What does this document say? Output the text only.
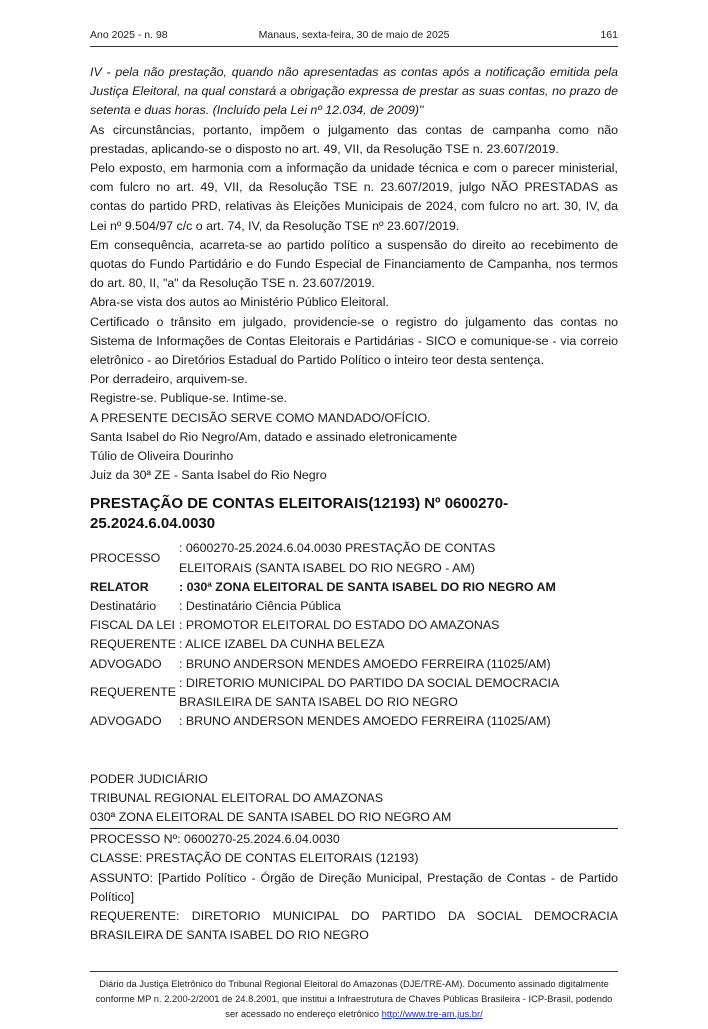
Ano 2025 - n. 98	Manaus, sexta-feira, 30 de maio de 2025	161

IV - pela não prestação, quando não apresentadas as contas após a notificação emitida pela Justiça Eleitoral, na qual constará a obrigação expressa de prestar as suas contas, no prazo de setenta e duas horas. (Incluído pela Lei nº 12.034, de 2009)"

As circunstâncias, portanto, impõem o julgamento das contas de campanha como não prestadas, aplicando-se o disposto no art. 49, VII, da Resolução TSE n. 23.607/2019.

Pelo exposto, em harmonia com a informação da unidade técnica e com o parecer ministerial, com fulcro no art. 49, VII, da Resolução TSE n. 23.607/2019, julgo NÃO PRESTADAS as contas do partido PRD, relativas às Eleições Municipais de 2024, com fulcro no art. 30, IV, da Lei nº 9.504/97 c/c o art. 74, IV, da Resolução TSE nº 23.607/2019.

Em consequência, acarreta-se ao partido político a suspensão do direito ao recebimento de quotas do Fundo Partidário e do Fundo Especial de Financiamento de Campanha, nos termos do art. 80, II, "a" da Resolução TSE n. 23.607/2019.

Abra-se vista dos autos ao Ministério Público Eleitoral.

Certificado o trânsito em julgado, providencie-se o registro do julgamento das contas no Sistema de Informações de Contas Eleitorais e Partidárias - SICO e comunique-se - via correio eletrônico - ao Diretórios Estadual do Partido Político o inteiro teor desta sentença.

Por derradeiro, arquivem-se.

Registre-se. Publique-se. Intime-se.

A PRESENTE DECISÃO SERVE COMO MANDADO/OFÍCIO.

Santa Isabel do Rio Negro/Am, datado e assinado eletronicamente

Túlio de Oliveira Dourinho

Juiz da 30ª ZE - Santa Isabel do Rio Negro

PRESTAÇÃO DE CONTAS ELEITORAIS(12193) Nº 0600270-25.2024.6.04.0030
PROCESSO	: 0600270-25.2024.6.04.0030 PRESTAÇÃO DE CONTAS ELEITORAIS (SANTA ISABEL DO RIO NEGRO - AM)
RELATOR	: 030ª ZONA ELEITORAL DE SANTA ISABEL DO RIO NEGRO AM
Destinatário	: Destinatário Ciência Pública
FISCAL DA LEI	: PROMOTOR ELEITORAL DO ESTADO DO AMAZONAS
REQUERENTE	: ALICE IZABEL DA CUNHA BELEZA
ADVOGADO	: BRUNO ANDERSON MENDES AMOEDO FERREIRA (11025/AM)
REQUERENTE	: DIRETORIO MUNICIPAL DO PARTIDO DA SOCIAL DEMOCRACIA BRASILEIRA DE SANTA ISABEL DO RIO NEGRO
ADVOGADO	: BRUNO ANDERSON MENDES AMOEDO FERREIRA (11025/AM)

PODER JUDICIÁRIO

TRIBUNAL REGIONAL ELEITORAL DO AMAZONAS

030ª ZONA ELEITORAL DE SANTA ISABEL DO RIO NEGRO AM

PROCESSO Nº: 0600270-25.2024.6.04.0030

CLASSE: PRESTAÇÃO DE CONTAS ELEITORAIS (12193)

ASSUNTO: [Partido Político - Órgão de Direção Municipal, Prestação de Contas - de Partido Político]

REQUERENTE: DIRETORIO MUNICIPAL DO PARTIDO DA SOCIAL DEMOCRACIA BRASILEIRA DE SANTA ISABEL DO RIO NEGRO

Diário da Justiça Eletrônico do Tribunal Regional Eleitoral do Amazonas (DJE/TRE-AM). Documento assinado digitalmente
conforme MP n. 2.200-2/2001 de 24.8.2001, que institui a Infraestrutura de Chaves Públicas Brasileira - ICP-Brasil, podendo
ser acessado no endereço eletrônico http://www.tre-am.jus.br/
